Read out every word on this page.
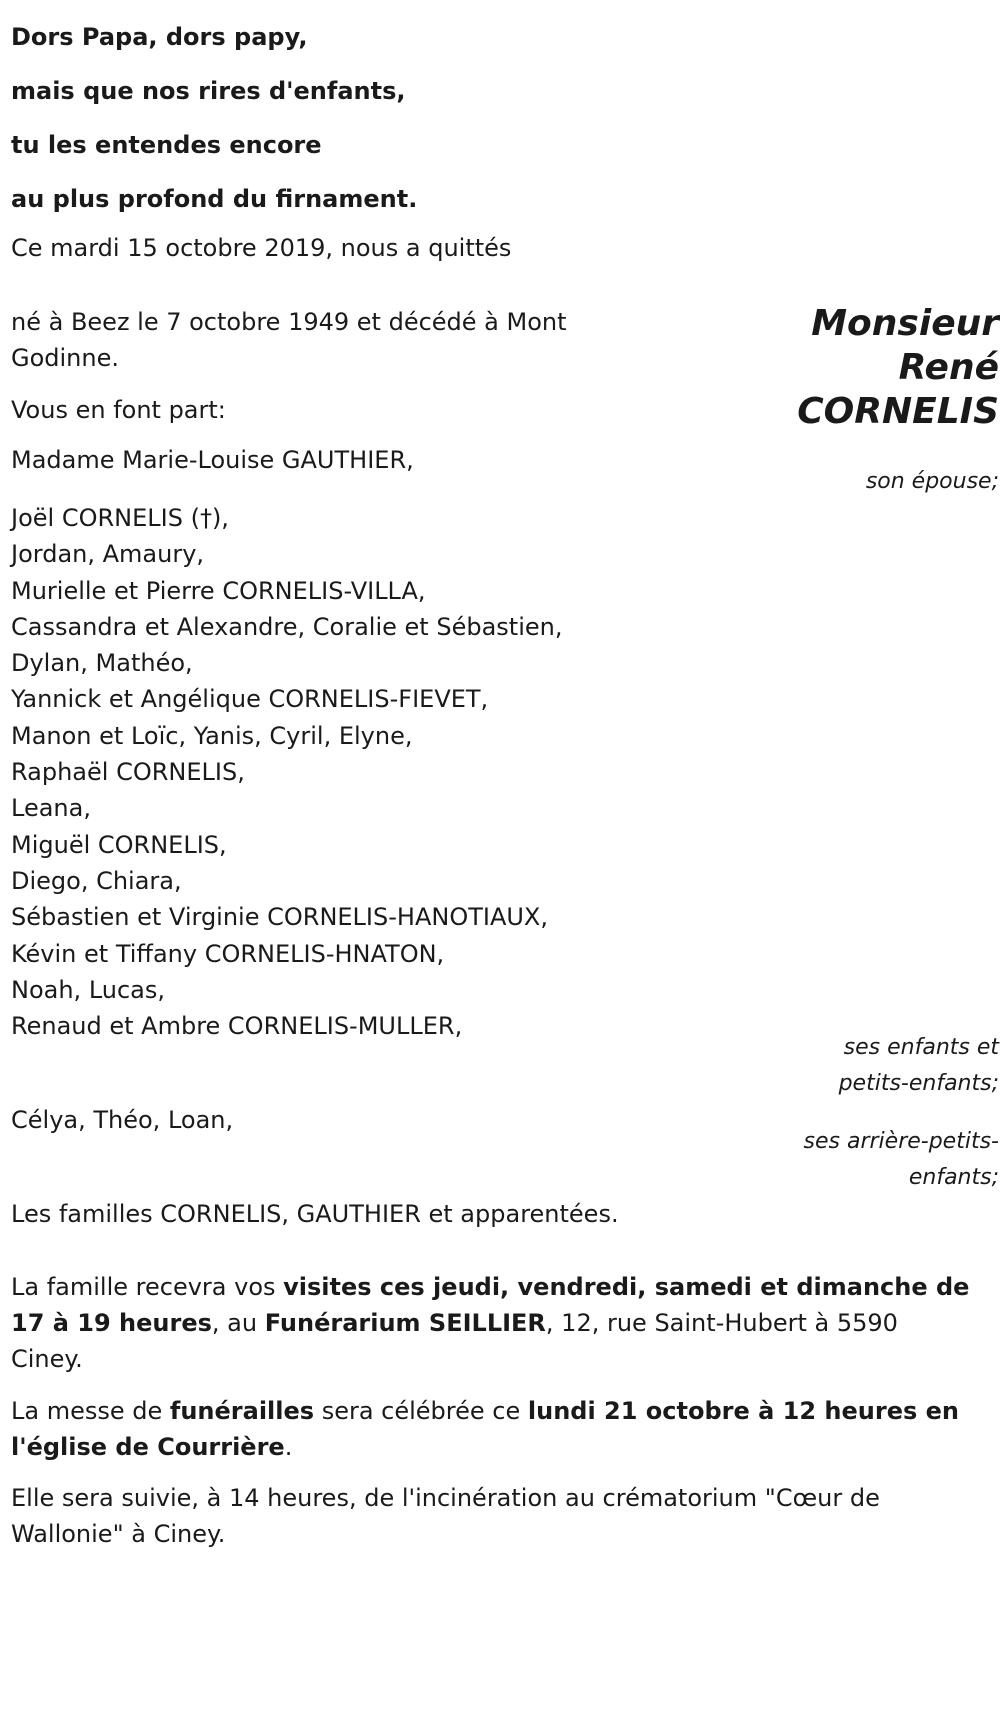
Dors Papa, dors papy,
mais que nos rires d'enfants,
tu les entendes encore
au plus profond du firnament.
Ce mardi 15 octobre 2019, nous a quittés
né à Beez le 7 octobre 1949 et décédé à Mont Godinne.
Monsieur
René
CORNELIS
Vous en font part:
Madame Marie-Louise GAUTHIER,
son épouse;
Joël CORNELIS (†),
Jordan, Amaury,
Murielle et Pierre CORNELIS-VILLA,
Cassandra et Alexandre, Coralie et Sébastien,
Dylan, Mathéo,
Yannick et Angélique CORNELIS-FIEVET,
Manon et Loïc, Yanis, Cyril, Elyne,
Raphaël CORNELIS,
Leana,
Miguël CORNELIS,
Diego, Chiara,
Sébastien et Virginie CORNELIS-HANOTIAUX,
Kévin et Tiffany CORNELIS-HNATON,
Noah, Lucas,
Renaud et Ambre CORNELIS-MULLER,
ses enfants et
petits-enfants;
Célya, Théo, Loan,
ses arrière-petits-
enfants;
Les familles CORNELIS, GAUTHIER et apparentées.
La famille recevra vos visites ces jeudi, vendredi, samedi et dimanche de 17 à 19 heures, au Funérarium SEILLIER, 12, rue Saint-Hubert à 5590 Ciney.
La messe de funérailles sera célébrée ce lundi 21 octobre à 12 heures en l'église de Courrière.
Elle sera suivie, à 14 heures, de l'incinération au crématorium "Cœur de Wallonie" à Ciney.
